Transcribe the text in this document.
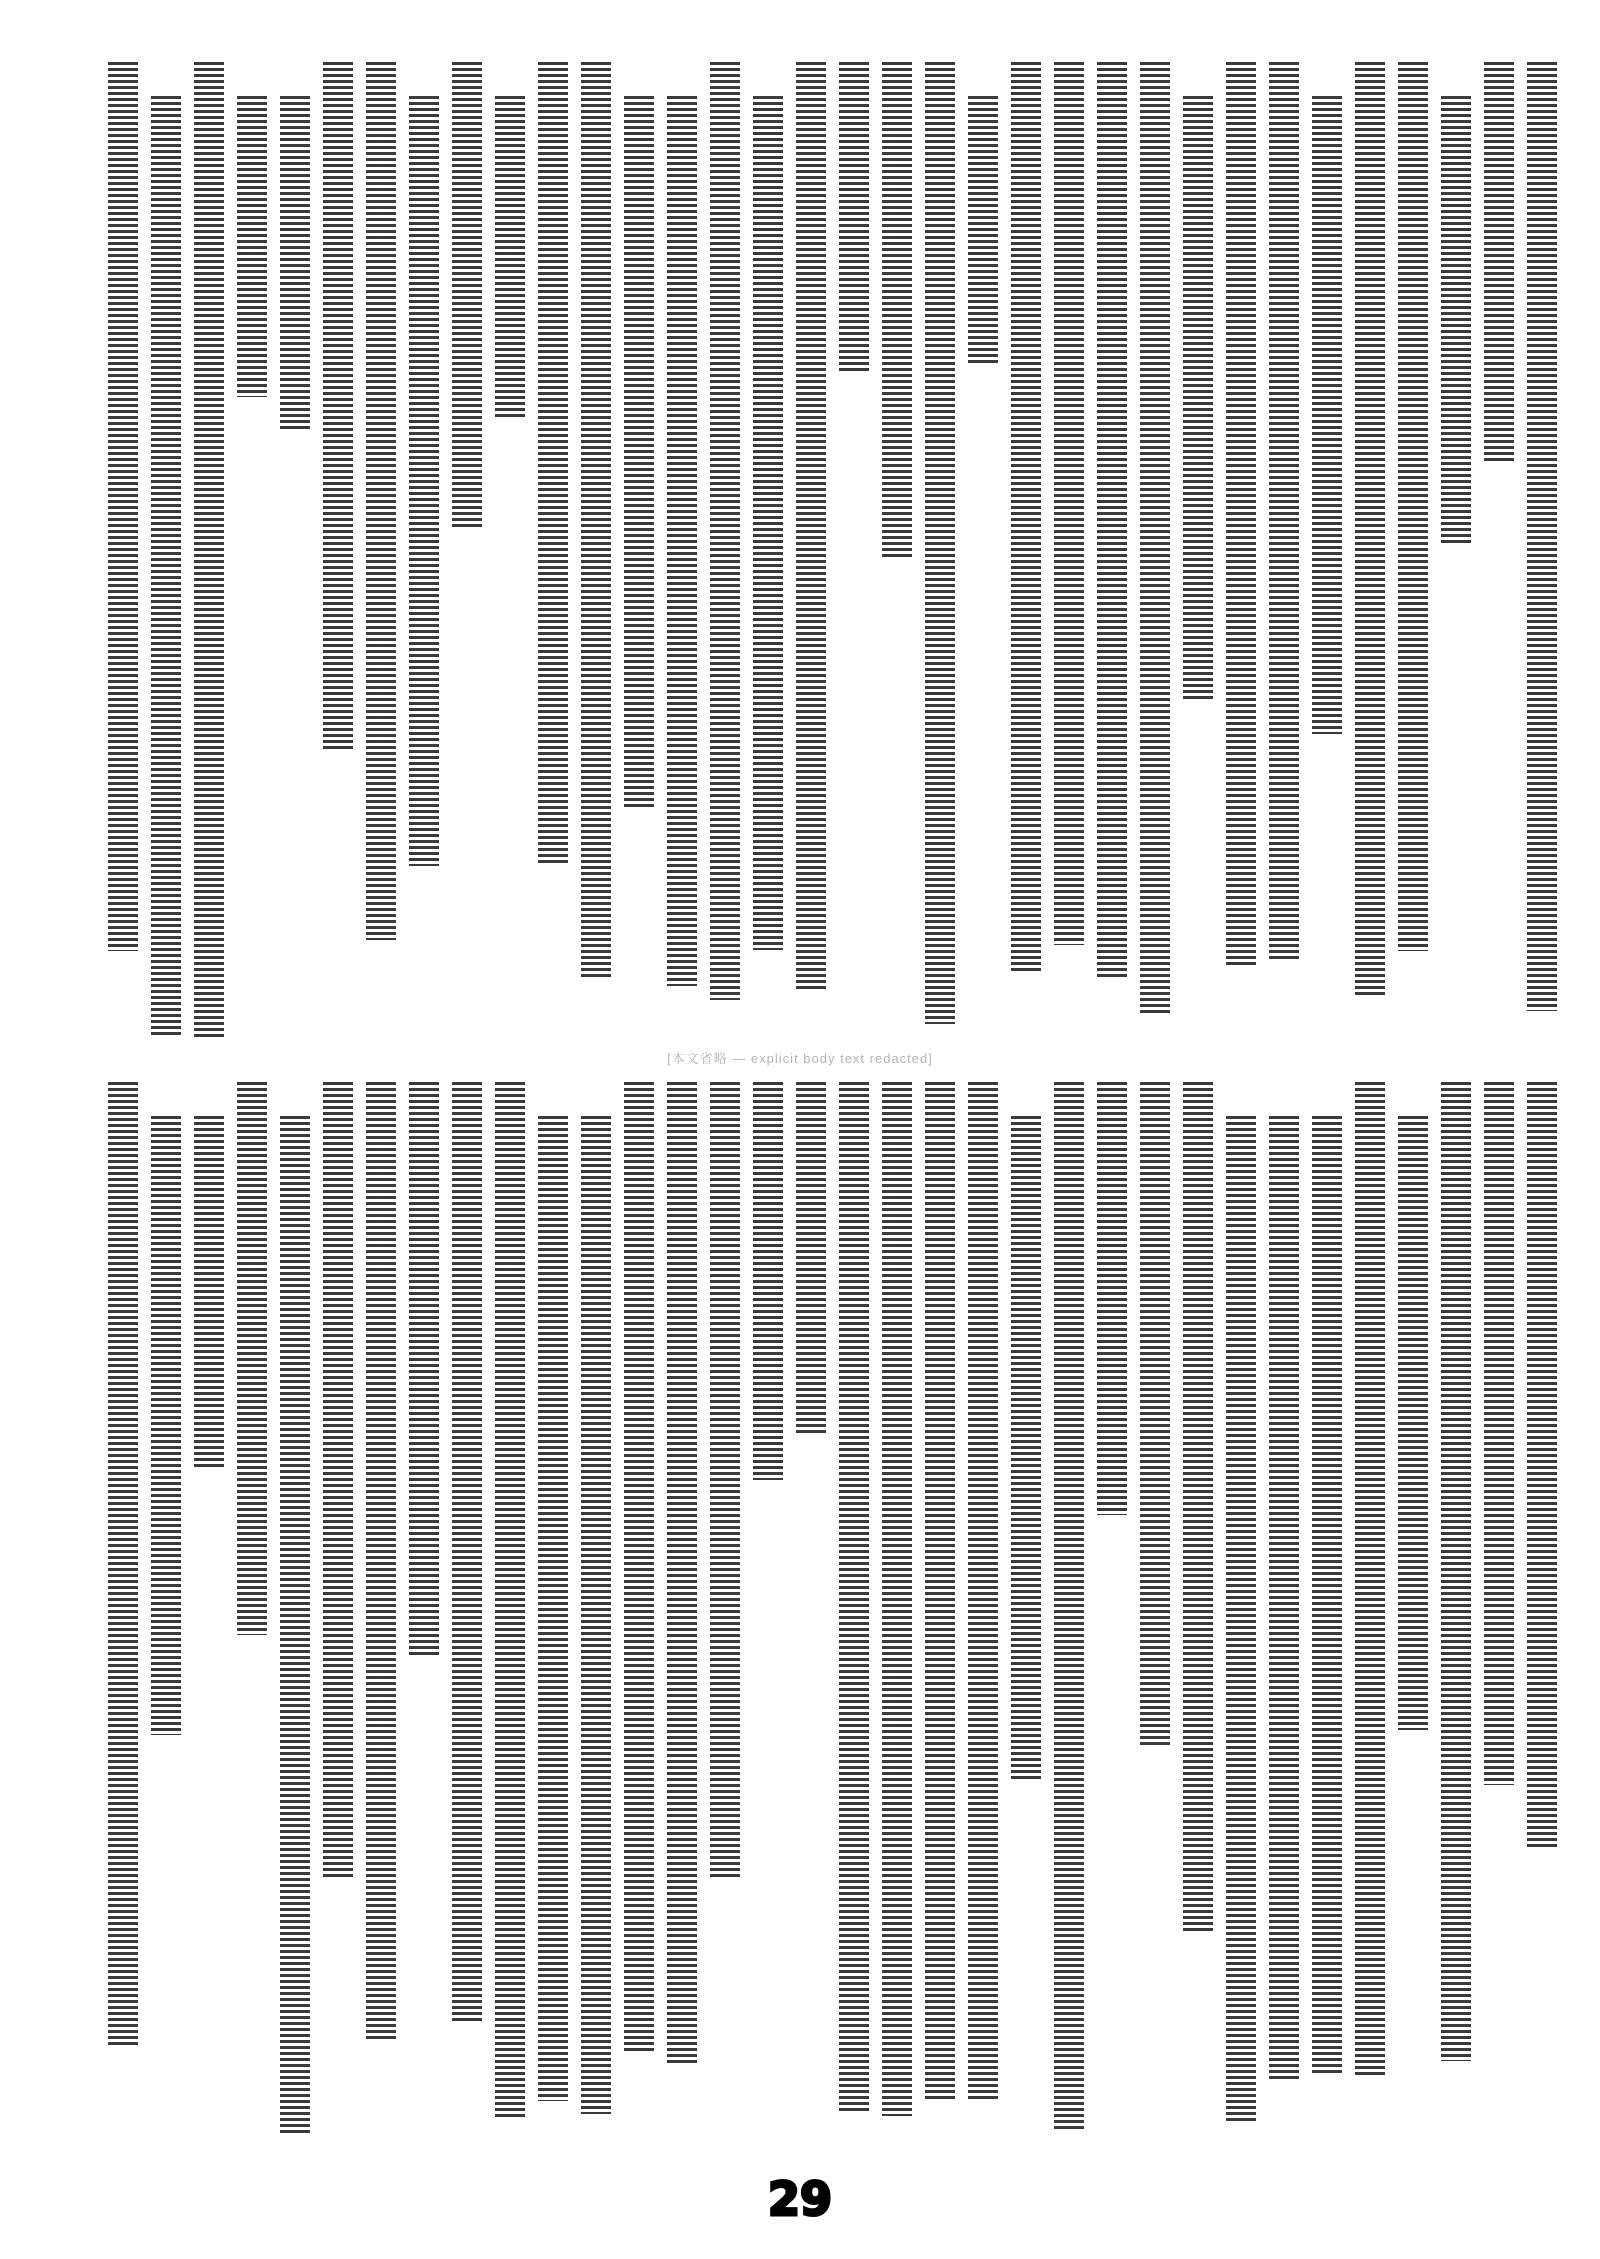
[本文省略 — explicit body text redacted]
29
